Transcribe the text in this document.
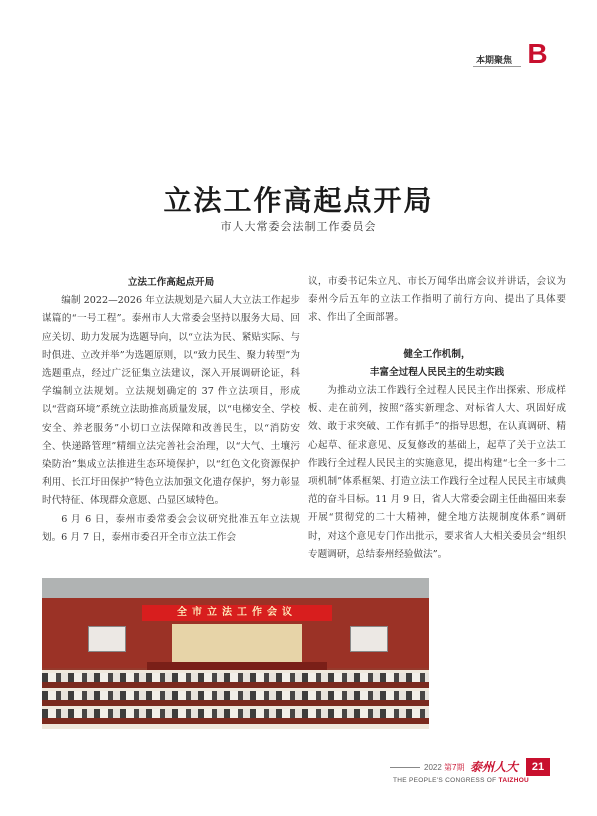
本期聚焦 B
立法工作高起点开局
市人大常委会法制工作委员会
立法工作高起点开局

编制 2022—2026 年立法规划是六届人大立法工作起步谋篇的“一号工程”。泰州市人大常委会坚持以服务大局、回应关切、助力发展为选题导向，以“立法为民、紧贴实际、与时俱进、立改并举”为选题原则，以“致力民生、聚力转型”为选题重点，经过广泛征集立法建议，深入开展调研论证，科学编制立法规划。立法规划确定的 37 件立法项目，形成以“营商环境”系统立法助推高质量发展，以“电梯安全、学校安全、养老服务”小切口立法保障和改善民生，以“消防安全、快递路管理”精细立法完善社会治理，以“大气、土壤污染防治”集成立法推进生态环境保护，以“红色文化资源保护利用、长江圩田保护”特色立法加强文化遗存保护，努力彰显时代特征、体现群众意愿、凸显区域特色。

6 月 6 日，泰州市委常委会会议研究批准五年立法规划。6 月 7 日，泰州市委召开全市立法工作会

议，市委书记朱立凡、市长万闻华出席会议并讲话，会议为泰州今后五年的立法工作指明了前行方向、提出了具体要求、作出了全面部署。

健全工作机制，
丰富全过程人民民主的生动实践

为推动立法工作践行全过程人民民主作出探索、形成样板、走在前列，按照“落实新理念、对标省人大、巩固好成效、敢于求突破、工作有抓手”的指导思想，在认真调研、精心起草、征求意见、反复修改的基础上，起草了关于立法工作践行全过程人民民主的实施意见，提出构建“七全一多十二项机制”体系框架、打造立法工作践行全过程人民民主市域典范的奋斗目标。11 月 9 日，省人大常委会副主任曲福田来泰开展“贯彻党的二十大精神，健全地方法规制度体系”调研时，对这个意见专门作出批示，要求省人大相关委员会“组织专题调研，总结泰州经验做法”。

全市立法工作会议
2022 第7期 泰州人大	21
THE PEOPLE'S CONGRESS OF TAIZHOU
